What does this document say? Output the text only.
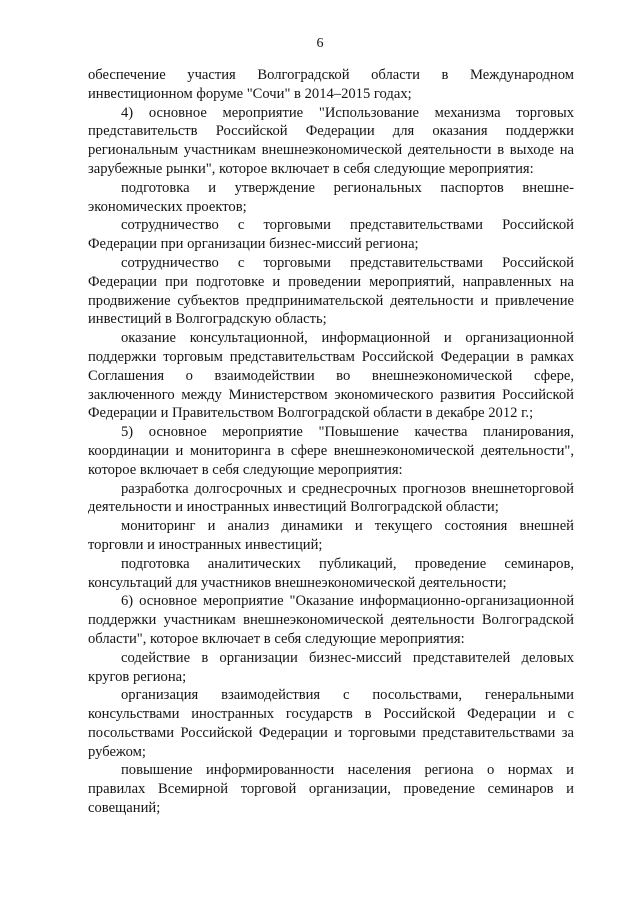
6

обеспечение участия Волгоградской области в Международном инвестиционном форуме "Сочи" в 2014–2015 годах;

4) основное мероприятие "Использование механизма торговых представительств Российской Федерации для оказания поддержки региональным участникам внешнеэкономической деятельности в выходе на зарубежные рынки", которое включает в себя следующие мероприятия:

подготовка и утверждение региональных паспортов внешнеэкономических проектов;

сотрудничество с торговыми представительствами Российской Федерации при организации бизнес-миссий региона;

сотрудничество с торговыми представительствами Российской Федерации при подготовке и проведении мероприятий, направленных на продвижение субъектов предпринимательской деятельности и привлечение инвестиций в Волгоградскую область;

оказание консультационной, информационной и организационной поддержки торговым представительствам Российской Федерации в рамках Соглашения о взаимодействии во внешнеэкономической сфере, заключенного между Министерством экономического развития Российской Федерации и Правительством Волгоградской области в декабре 2012 г.;

5) основное мероприятие "Повышение качества планирования, координации и мониторинга в сфере внешнеэкономической деятельности", которое включает в себя следующие мероприятия:

разработка долгосрочных и среднесрочных прогнозов внешнеторговой деятельности и иностранных инвестиций Волгоградской области;

мониторинг и анализ динамики и текущего состояния внешней торговли и иностранных инвестиций;

подготовка аналитических публикаций, проведение семинаров, консультаций для участников внешнеэкономической деятельности;

6) основное мероприятие "Оказание информационно-организационной поддержки участникам внешнеэкономической деятельности Волгоградской области", которое включает в себя следующие мероприятия:

содействие в организации бизнес-миссий представителей деловых кругов региона;

организация взаимодействия с посольствами, генеральными консульствами иностранных государств в Российской Федерации и с посольствами Российской Федерации и торговыми представительствами за рубежом;

повышение информированности населения региона о нормах и правилах Всемирной торговой организации, проведение семинаров и совещаний;
